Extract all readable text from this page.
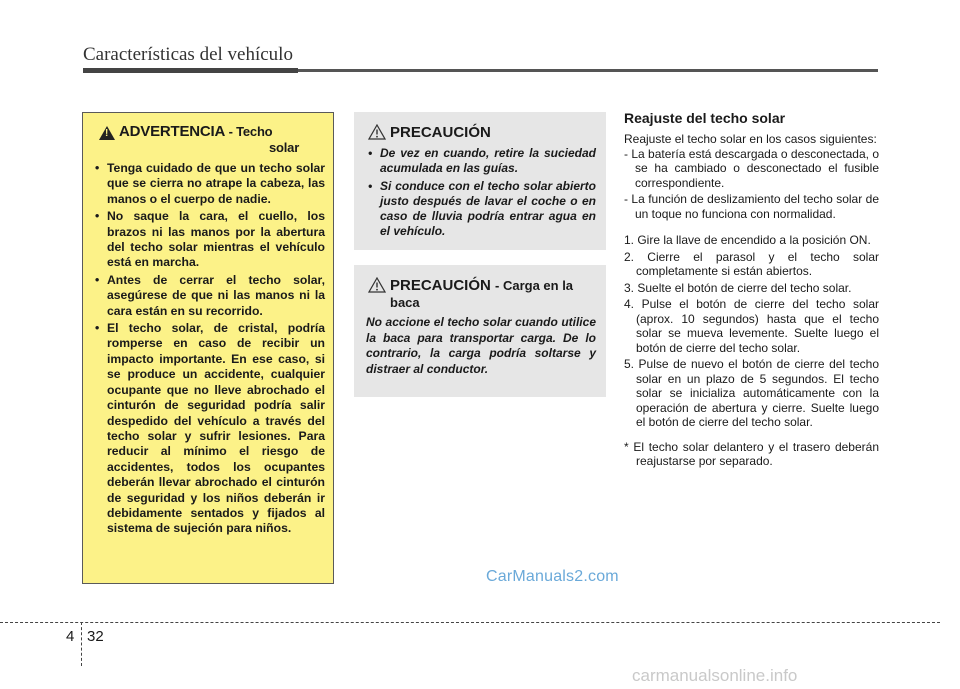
Características del vehículo
!
ADVERTENCIA - Techo
solar
• Tenga cuidado de que un techo solar que se cierra no atrape la cabeza, las manos o el cuerpo de nadie.
• No saque la cara, el cuello, los brazos ni las manos por la abertura del techo solar mientras el vehículo está en marcha.
• Antes de cerrar el techo solar, asegúrese de que ni las manos ni la cara están en su recorrido.
• El techo solar, de cristal, podría romperse en caso de recibir un impacto importante. En ese caso, si se produce un accidente, cualquier ocupante que no lleve abrochado el cinturón de seguridad podría salir despedido del vehículo a través del techo solar y sufrir lesiones. Para reducir al mínimo el riesgo de accidentes, todos los ocupantes deberán llevar abrochado el cinturón de seguridad y los niños deberán ir debidamente sentados y fijados al sistema de sujeción para niños.
PRECAUCIÓN
• De vez en cuando, retire la suciedad acumulada en las guías.
• Si conduce con el techo solar abierto justo después de lavar el coche o en caso de lluvia podría entrar agua en el vehículo.
PRECAUCIÓN - Carga en la baca

No accione el techo solar cuando utilice la baca para transportar carga. De lo contrario, la carga podría soltarse y distraer al conductor.

Reajuste del techo solar

Reajuste el techo solar en los casos siguientes:

- La batería está descargada o desconectada, o se ha cambiado o desconectado el fusible correspondiente.

- La función de deslizamiento del techo solar de un toque no funciona con normalidad.

1. Gire la llave de encendido a la posición ON.
2. Cierre el parasol y el techo solar completamente si están abiertos.
3. Suelte el botón de cierre del techo solar.
4. Pulse el botón de cierre del techo solar (aprox. 10 segundos) hasta que el techo solar se mueva levemente. Suelte luego el botón de cierre del techo solar.
5. Pulse de nuevo el botón de cierre del techo solar en un plazo de 5 segundos. El techo solar se inicializa automáticamente con la operación de abertura y cierre. Suelte luego el botón de cierre del techo solar.

* El techo solar delantero y el trasero deberán reajustarse por separado.

CarManuals2.com
4 32
carmanualsonline.info
